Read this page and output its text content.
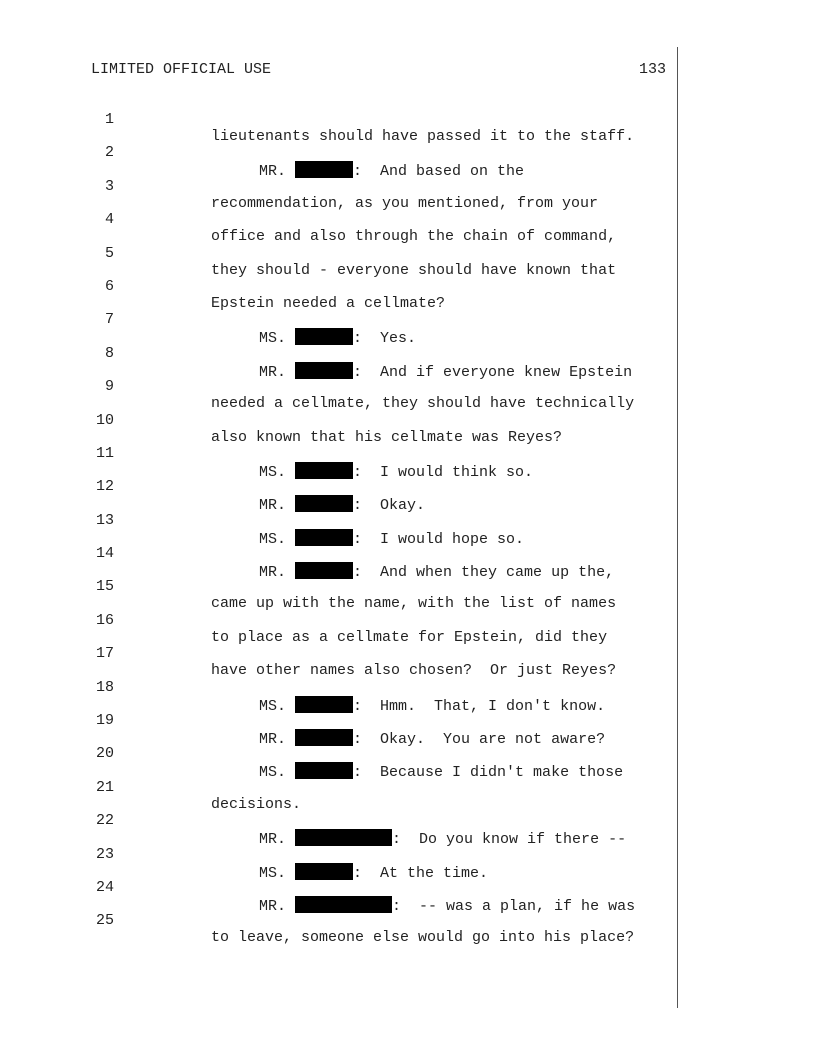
LIMITED OFFICIAL USE	133

1

lieutenants should have passed it to the staff.

2

MR.	:  And based on the

3

recommendation, as you mentioned, from your

4

office and also through the chain of command,

5

they should - everyone should have known that

6

Epstein needed a cellmate?

7

MS.	:  Yes.

8

MR.	:  And if everyone knew Epstein

9

needed a cellmate, they should have technically

10

also known that his cellmate was Reyes?

11

MS.	:  I would think so.

12

MR.	:  Okay.

13

MS.	:  I would hope so.

14

MR.	:  And when they came up the,

15

came up with the name, with the list of names

16

to place as a cellmate for Epstein, did they

17

have other names also chosen?  Or just Reyes?

18

MS.	:  Hmm.  That, I don't know.

19

MR.	:  Okay.  You are not aware?

20

MS.	:  Because I didn't make those

21

decisions.

22

MR.	:  Do you know if there --

23

MS.	:  At the time.

24

MR.	:  -- was a plan, if he was

25

to leave, someone else would go into his place?
